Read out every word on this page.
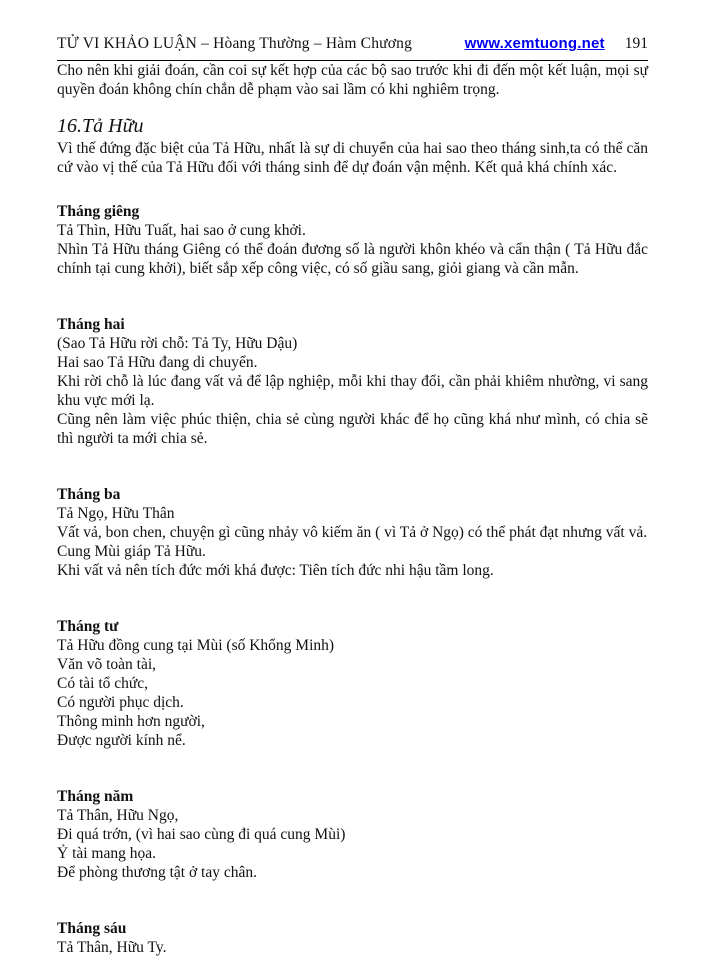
TỬ VI KHẢO LUẬN – Hòang Thường – Hàm Chương	www.xemtuong.net 191

Cho nên khi giải đoán, cần coi sự kết hợp của các bộ sao trước khi đi đến một kết luận, mọi sự quyền đoán không chín chắn dễ phạm vào sai lầm có khi nghiêm trọng.

16.Tả Hữu

Vì thế đứng đặc biệt của Tả Hữu, nhất là sự di chuyển của hai sao theo tháng sinh,ta có thể căn cứ vào vị thế của Tả Hữu đối với tháng sinh để dự đoán vận mệnh. Kết quả khá chính xác.

Tháng giêng

Tả Thìn, Hữu Tuất, hai sao ở cung khởi.

Nhìn Tả Hữu tháng Giêng có thể đoán đương số là người khôn khéo và cẩn thận ( Tả Hữu đắc chính tại cung khởi), biết sắp xếp công việc, có số giầu sang, giỏi giang và cần mẫn.

Tháng hai

(Sao Tả Hữu rời chỗ: Tả Ty, Hữu Dậu)

Hai sao Tả Hữu đang di chuyển.

Khi rời chỗ là lúc đang vất vả để lập nghiệp, mỗi khi thay đổi, cần phải khiêm nhường, vi sang khu vực mới lạ.

Cũng nên làm việc phúc thiện, chia sẻ cùng người khác để họ cũng khá như mình, có chia sẽ thì người ta mới chia sẻ.

Tháng ba

Tả Ngọ, Hữu Thân

Vất vả, bon chen, chuyện gì cũng nhảy vô kiếm ăn ( vì Tả ở Ngọ) có thể phát đạt nhưng vất vả.

Cung Mùi giáp Tả Hữu.

Khi vất vả nên tích đức mới khá được: Tiên tích đức nhi hậu tầm long.

Tháng tư

Tả Hữu đồng cung tại Mùi (số Khổng Minh)

Văn võ toàn tài,

Có tài tổ chức,

Có người phục dịch.

Thông minh hơn người,

Được người kính nể.

Tháng năm

Tả Thân, Hữu Ngọ,

Đi quá trớn, (vì hai sao cùng đi quá cung Mùi)

Ỷ tài mang họa.

Để phòng thương tật ở tay chân.

Tháng sáu

Tả Thân, Hữu Ty.
